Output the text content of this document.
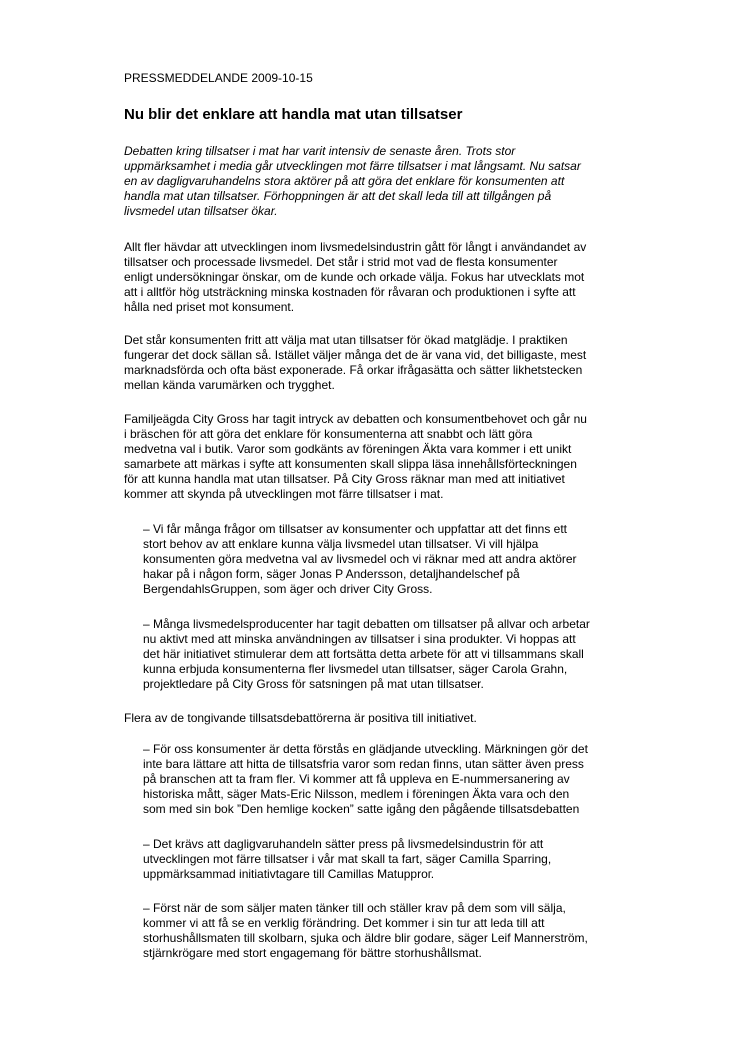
PRESSMEDDELANDE 2009-10-15
Nu blir det enklare att handla mat utan tillsatser
Debatten kring tillsatser i mat har varit intensiv de senaste åren. Trots stor
uppmärksamhet i media går utvecklingen mot färre tillsatser i mat långsamt. Nu satsar
en av dagligvaruhandelns stora aktörer på att göra det enklare för konsumenten att
handla mat utan tillsatser. Förhoppningen är att det skall leda till att tillgången på
livsmedel utan tillsatser ökar.
Allt fler hävdar att utvecklingen inom livsmedelsindustrin gått för långt i användandet av
tillsatser och processade livsmedel. Det står i strid mot vad de flesta konsumenter
enligt undersökningar önskar, om de kunde och orkade välja. Fokus har utvecklats mot
att i alltför hög utsträckning minska kostnaden för råvaran och produktionen i syfte att
hålla ned priset mot konsument.
Det står konsumenten fritt att välja mat utan tillsatser för ökad matglädje. I praktiken
fungerar det dock sällan så. Istället väljer många det de är vana vid, det billigaste, mest
marknadsförda och ofta bäst exponerade. Få orkar ifrågasätta och sätter likhetstecken
mellan kända varumärken och trygghet.
Familjeägda City Gross har tagit intryck av debatten och konsumentbehovet och går nu
i bräschen för att göra det enklare för konsumenterna att snabbt och lätt göra
medvetna val i butik. Varor som godkänts av föreningen Äkta vara kommer i ett unikt
samarbete att märkas i syfte att konsumenten skall slippa läsa innehållsförteckningen
för att kunna handla mat utan tillsatser. På City Gross räknar man med att initiativet
kommer att skynda på utvecklingen mot färre tillsatser i mat.
– Vi får många frågor om tillsatser av konsumenter och uppfattar att det finns ett
stort behov av att enklare kunna välja livsmedel utan tillsatser. Vi vill hjälpa
konsumenten göra medvetna val av livsmedel och vi räknar med att andra aktörer
hakar på i någon form, säger Jonas P Andersson, detaljhandelschef på
BergendahlsGruppen, som äger och driver City Gross.
– Många livsmedelsproducenter har tagit debatten om tillsatser på allvar och arbetar
nu aktivt med att minska användningen av tillsatser i sina produkter. Vi hoppas att
det här initiativet stimulerar dem att fortsätta detta arbete för att vi tillsammans skall
kunna erbjuda konsumenterna fler livsmedel utan tillsatser, säger Carola Grahn,
projektledare på City Gross för satsningen på mat utan tillsatser.
Flera av de tongivande tillsatsdebattörerna är positiva till initiativet.
– För oss konsumenter är detta förstås en glädjande utveckling. Märkningen gör det
inte bara lättare att hitta de tillsatsfria varor som redan finns, utan sätter även press
på branschen att ta fram fler. Vi kommer att få uppleva en E-nummersanering av
historiska mått, säger Mats-Eric Nilsson, medlem i föreningen Äkta vara och den
som med sin bok ”Den hemlige kocken” satte igång den pågående tillsatsdebatten
– Det krävs att dagligvaruhandeln sätter press på livsmedelsindustrin för att
utvecklingen mot färre tillsatser i vår mat skall ta fart, säger Camilla Sparring,
uppmärksammad initiativtagare till Camillas Matupproг.
– Först när de som säljer maten tänker till och ställer krav på dem som vill sälja,
kommer vi att få se en verklig förändring. Det kommer i sin tur att leda till att
storhushållsmaten till skolbarn, sjuka och äldre blir godare, säger Leif Mannerström,
stjärnkrögare med stort engagemang för bättre storhushållsmat.
